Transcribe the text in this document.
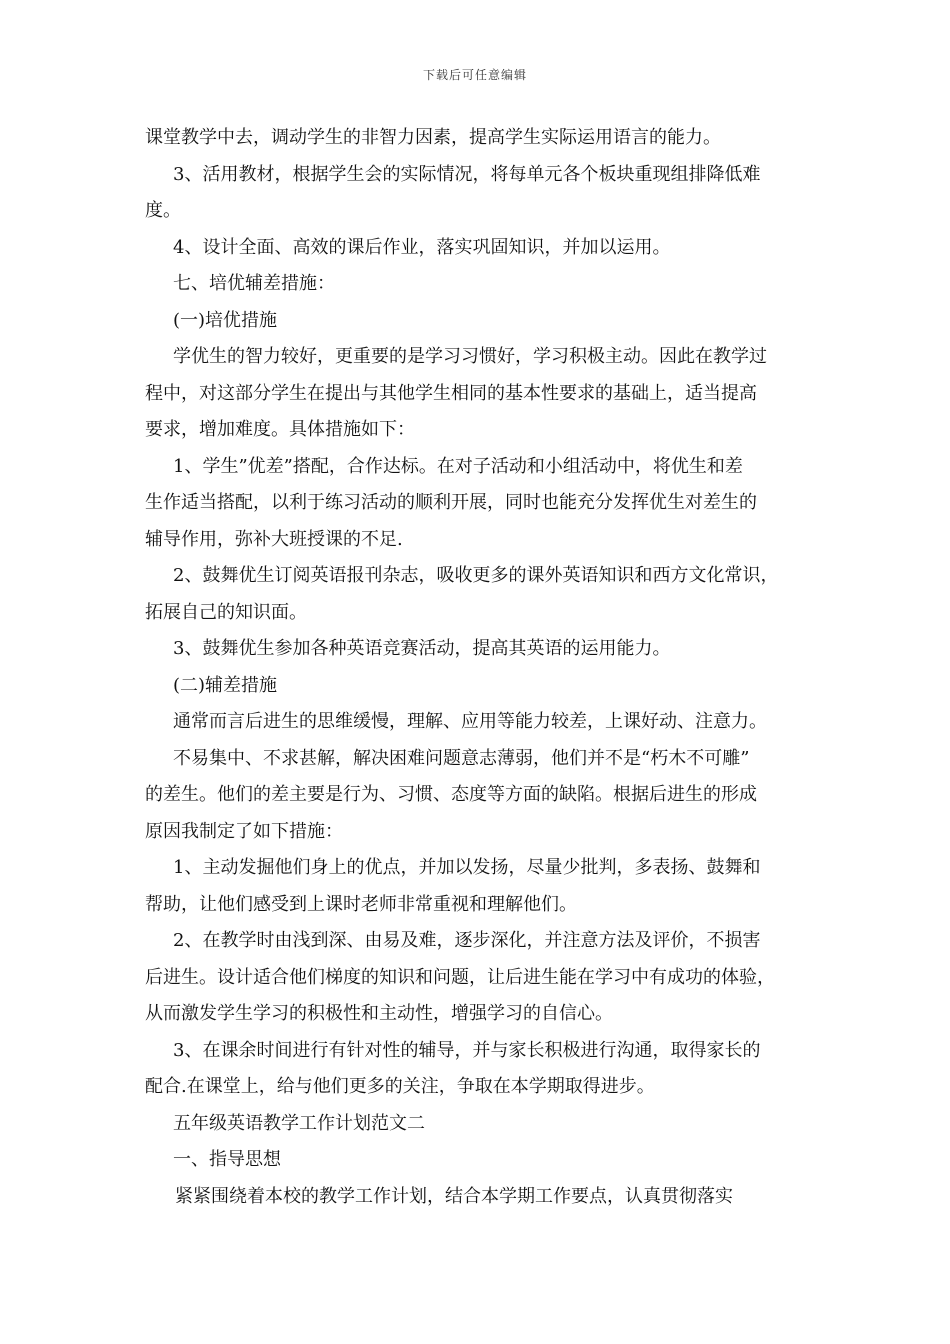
下载后可任意编辑
课堂教学中去，调动学生的非智力因素，提高学生实际运用语言的能力。
3、活用教材，根据学生会的实际情况，将每单元各个板块重现组排降低难
度。
4、设计全面、高效的课后作业，落实巩固知识，并加以运用。
七、培优辅差措施：
(一)培优措施
学优生的智力较好，更重要的是学习习惯好，学习积极主动。因此在教学过
程中，对这部分学生在提出与其他学生相同的基本性要求的基础上，适当提高
要求，增加难度。具体措施如下：
1、学生”优差”搭配，合作达标。在对子活动和小组活动中，将优生和差
生作适当搭配，以利于练习活动的顺利开展，同时也能充分发挥优生对差生的
辅导作用，弥补大班授课的不足.
2、鼓舞优生订阅英语报刊杂志，吸收更多的课外英语知识和西方文化常识，
拓展自己的知识面。
3、鼓舞优生参加各种英语竞赛活动，提高其英语的运用能力。
(二)辅差措施
通常而言后进生的思维缓慢，理解、应用等能力较差，上课好动、注意力。
不易集中、不求甚解，解决困难问题意志薄弱，他们并不是“朽木不可雕”
的差生。他们的差主要是行为、习惯、态度等方面的缺陷。根据后进生的形成
原因我制定了如下措施：
1、主动发掘他们身上的优点，并加以发扬，尽量少批判，多表扬、鼓舞和
帮助，让他们感受到上课时老师非常重视和理解他们。
2、在教学时由浅到深、由易及难，逐步深化，并注意方法及评价，不损害
后进生。设计适合他们梯度的知识和问题，让后进生能在学习中有成功的体验，
从而激发学生学习的积极性和主动性，增强学习的自信心。
3、在课余时间进行有针对性的辅导，并与家长积极进行沟通，取得家长的
配合.在课堂上，给与他们更多的关注，争取在本学期取得进步。
五年级英语教学工作计划范文二
一、指导思想
紧紧围绕着本校的教学工作计划，结合本学期工作要点，认真贯彻落实
